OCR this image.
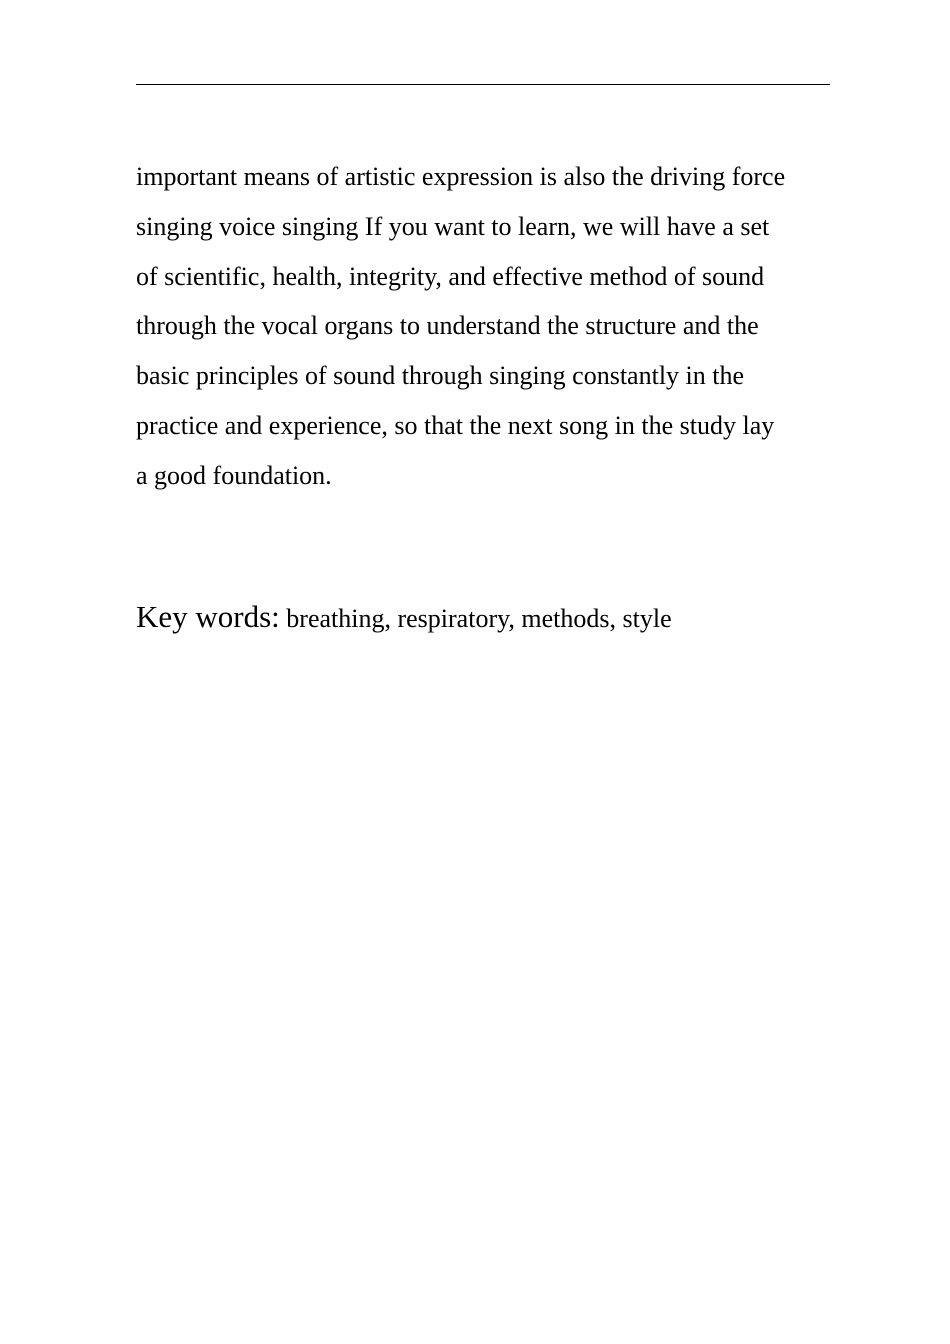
important means of artistic expression is also the driving force
singing voice singing If you want to learn, we will have a set
of scientific, health, integrity, and effective method of sound
through the vocal organs to understand the structure and the
basic principles of sound through singing constantly in the
practice and experience, so that the next song in the study lay
a good foundation.

Key words: breathing, respiratory, methods, style
